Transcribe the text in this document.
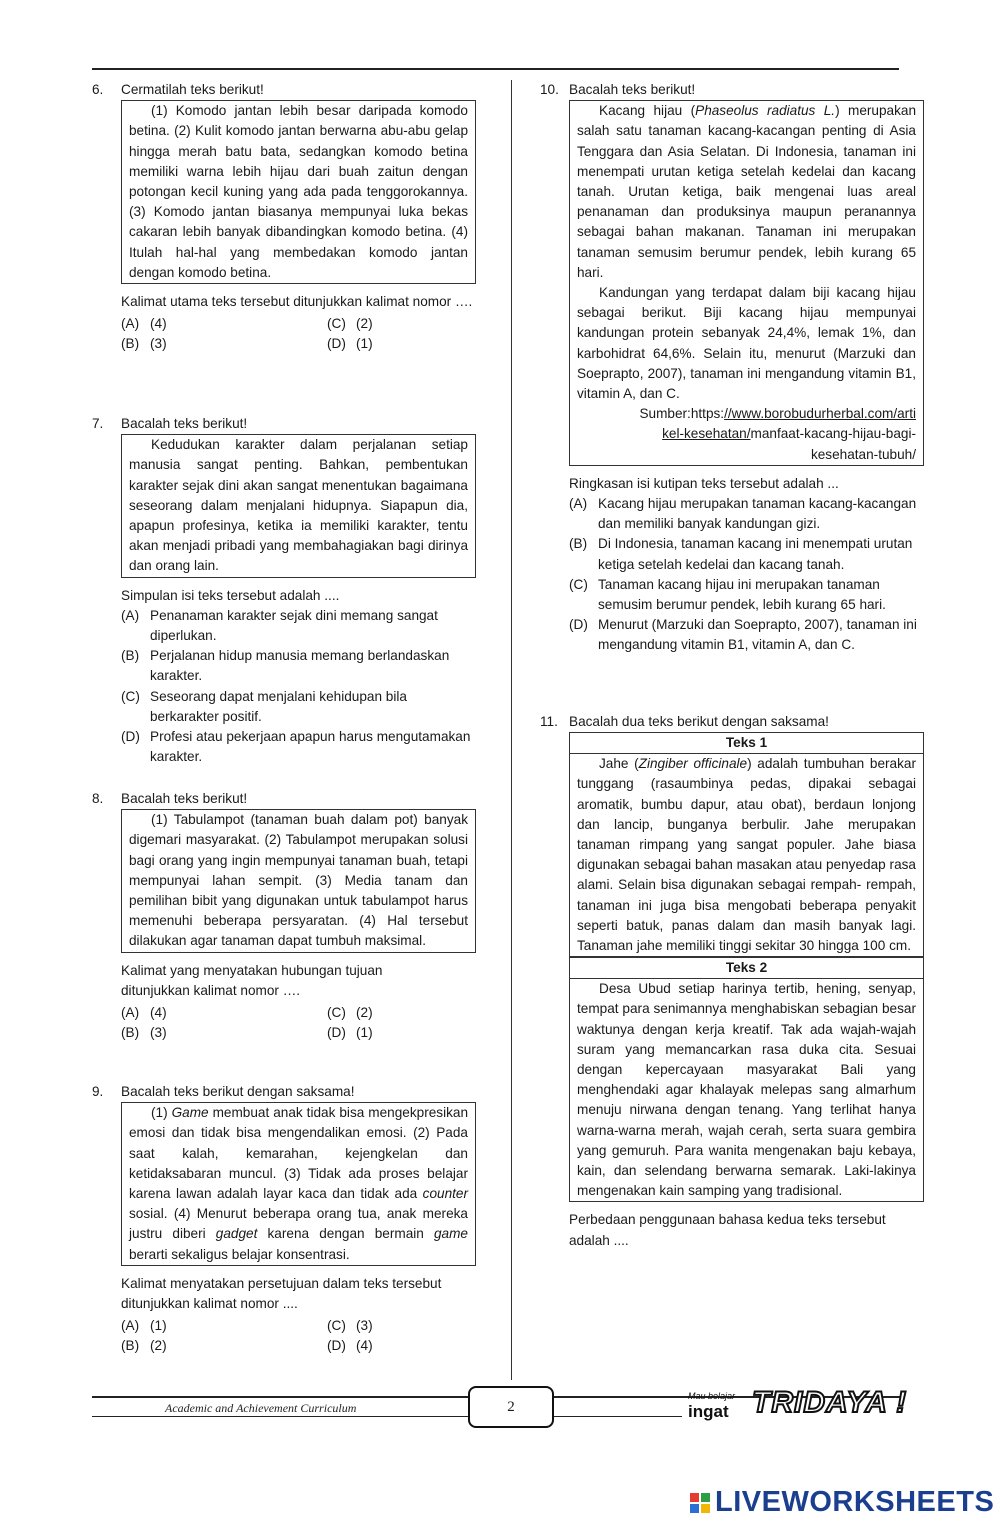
6.	Cermatilah teks berikut!

(1) Komodo jantan lebih besar daripada komodo betina. (2) Kulit komodo jantan berwarna abu-abu gelap hingga merah batu bata, sedangkan komodo betina memiliki warna lebih hijau dari buah zaitun dengan potongan kecil kuning yang ada pada tenggorokannya. (3) Komodo jantan biasanya mempunyai luka bekas cakaran lebih banyak dibandingkan komodo betina. (4) Itulah hal-hal yang membedakan komodo jantan dengan komodo betina.

Kalimat utama teks tersebut ditunjukkan kalimat nomor ….
(A) (4)	(C) (2)
(B) (3)	(D) (1)
7.	Bacalah teks berikut!

Kedudukan karakter dalam perjalanan setiap manusia sangat penting. Bahkan, pembentukan karakter sejak dini akan sangat menentukan bagaimana seseorang dalam menjalani hidupnya. Siapapun dia, apapun profesinya, ketika ia memiliki karakter, tentu akan menjadi pribadi yang membahagiakan bagi dirinya dan orang lain.

Simpulan isi teks tersebut adalah ....
(A) Penanaman karakter sejak dini memang sangat diperlukan.
(B) Perjalanan hidup manusia memang berlandaskan karakter.
(C) Seseorang dapat menjalani kehidupan bila berkarakter positif.
(D) Profesi atau pekerjaan apapun harus mengutamakan karakter.
8.	Bacalah teks berikut!

(1) Tabulampot (tanaman buah dalam pot) banyak digemari masyarakat. (2) Tabulampot merupakan solusi bagi orang yang ingin mempunyai tanaman buah, tetapi mempunyai lahan sempit. (3) Media tanam dan pemilihan bibit yang digunakan untuk tabulampot harus memenuhi beberapa persyaratan. (4) Hal tersebut dilakukan agar tanaman dapat tumbuh maksimal.

Kalimat yang menyatakan hubungan tujuan ditunjukkan kalimat nomor ….
(A) (4)	(C) (2)
(B) (3)	(D) (1)
9.	Bacalah teks berikut dengan saksama!

(1) Game membuat anak tidak bisa mengekpresikan emosi dan tidak bisa mengendalikan emosi. (2) Pada saat kalah, kemarahan, kejengkelan dan ketidaksabaran muncul. (3) Tidak ada proses belajar karena lawan adalah layar kaca dan tidak ada counter sosial. (4) Menurut beberapa orang tua, anak mereka justru diberi gadget karena dengan bermain game berarti sekaligus belajar konsentrasi.

Kalimat menyatakan persetujuan dalam teks tersebut ditunjukkan kalimat nomor ....
(A) (1)	(C) (3)
(B) (2)	(D) (4)
10. Bacalah teks berikut!

Kacang hijau (Phaseolus radiatus L.) merupakan salah satu tanaman kacang-kacangan penting di Asia Tenggara dan Asia Selatan. Di Indonesia, tanaman ini menempati urutan ketiga setelah kedelai dan kacang tanah. Urutan ketiga, baik mengenai luas areal penanaman dan produksinya maupun peranannya sebagai bahan makanan. Tanaman ini merupakan tanaman semusim berumur pendek, lebih kurang 65 hari.

Kandungan yang terdapat dalam biji kacang hijau sebagai berikut. Biji kacang hijau mempunyai kandungan protein sebanyak 24,4%, lemak 1%, dan karbohidrat 64,6%. Selain itu, menurut (Marzuki dan Soeprapto, 2007), tanaman ini mengandung vitamin B1, vitamin A, dan C.

Sumber:https://www.borobudurherbal.com/arti
kel-kesehatan/manfaat-kacang-hijau-bagi-
kesehatan-tubuh/

Ringkasan isi kutipan teks tersebut adalah ...
(A) Kacang hijau merupakan tanaman kacang-kacangan dan memiliki banyak kandungan gizi.
(B) Di Indonesia, tanaman kacang ini menempati urutan ketiga setelah kedelai dan kacang tanah.
(C) Tanaman kacang hijau ini merupakan tanaman semusim berumur pendek, lebih kurang 65 hari.
(D) Menurut (Marzuki dan Soeprapto, 2007), tanaman ini mengandung vitamin B1, vitamin A, dan C.
11. Bacalah dua teks berikut dengan saksama!
Teks 1

Jahe (Zingiber officinale) adalah tumbuhan berakar tunggang (rasaumbinya pedas, dipakai sebagai aromatik, bumbu dapur, atau obat), berdaun lonjong dan lancip, bunganya berbulir. Jahe merupakan tanaman rimpang yang sangat populer. Jahe biasa digunakan sebagai bahan masakan atau penyedap rasa alami. Selain bisa digunakan sebagai rempah- rempah, tanaman ini juga bisa mengobati beberapa penyakit seperti batuk, panas dalam dan masih banyak lagi. Tanaman jahe memiliki tinggi sekitar 30 hingga 100 cm.

Teks 2

Desa Ubud setiap harinya tertib, hening, senyap, tempat para senimannya menghabiskan sebagian besar waktunya dengan kerja kreatif. Tak ada wajah-wajah suram yang memancarkan rasa duka cita. Sesuai dengan kepercayaan masyarakat Bali yang menghendaki agar khalayak melepas sang almarhum menuju nirwana dengan tenang. Yang terlihat hanya warna-warna merah, wajah cerah, serta suara gembira yang gemuruh. Para wanita mengenakan baju kebaya, kain, dan selendang berwarna semarak. Laki-lakinya mengenakan kain samping yang tradisional.

Perbedaan penggunaan bahasa kedua teks tersebut adalah ....
Academic and Achievement Curriculum	2
Mau belajar
ingat TRIDAYA !
LIVEWORKSHEETS
